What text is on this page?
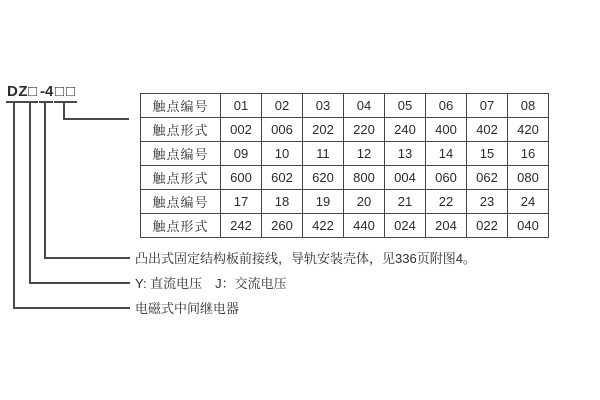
DZ □ -4 □□
触点编号	01	02	03	04	05	06	07	08
触点形式	002	006	202	220	240	400	402	420
触点编号	09	10	11	12	13	14	15	16
触点形式	600	602	620	800	004	060	062	080
触点编号	17	18	19	20	21	22	23	24
触点形式	242	260	422	440	024	204	022	040
凸出式固定结构板前接线，导轨安装壳体，见336页附图4。
Y: 直流电压　J：交流电压
电磁式中间继电器
